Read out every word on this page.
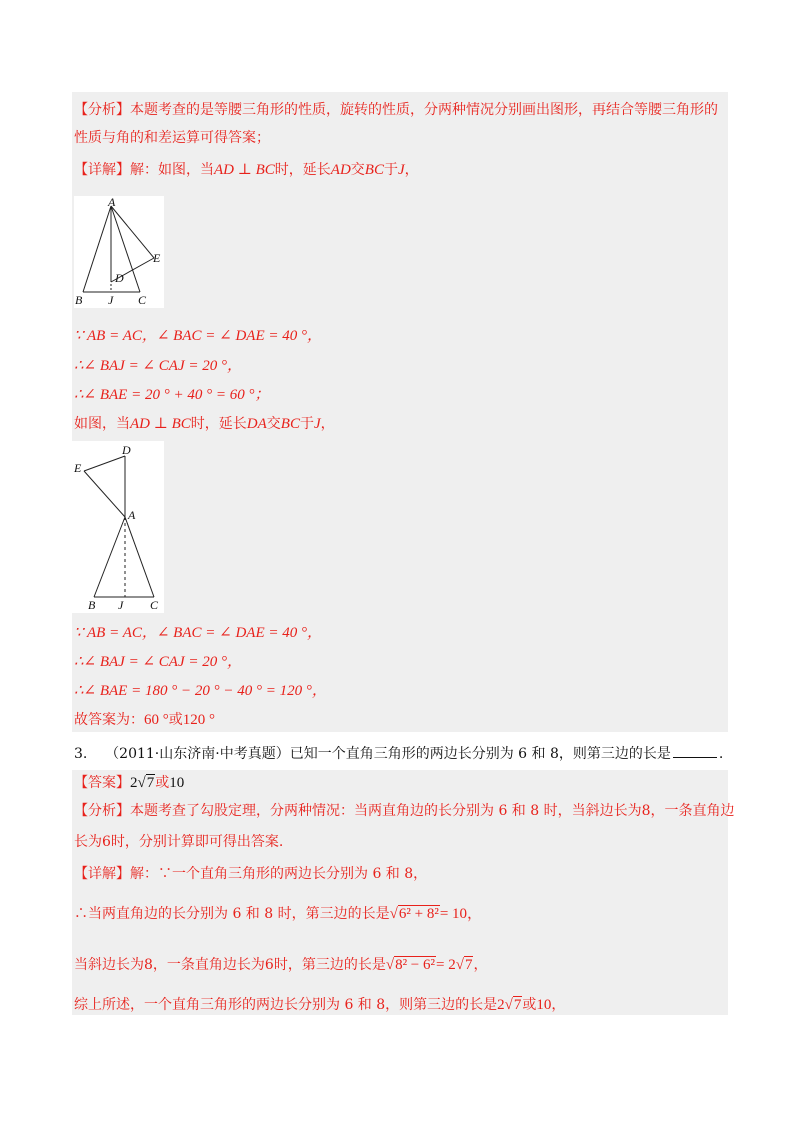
【分析】本题考查的是等腰三角形的性质，旋转的性质，分两种情况分别画出图形，再结合等腰三角形的
性质与角的和差运算可得答案；
【详解】解：如图，当AD ⊥ BC时，延长AD交BC于J，
A
B J C
D
E
∵ AB = AC，∠ BAC = ∠ DAE = 40 °，
∴∠ BAJ = ∠ CAJ = 20 °，
∴∠ BAE = 20 ° + 40 ° = 60 °；
如图，当AD ⊥ BC时，延长DA交BC于J，
D
E
A
B J C
∵ AB = AC，∠ BAC = ∠ DAE = 40 °，
∴∠ BAJ = ∠ CAJ = 20 °，
∴∠ BAE = 180 ° − 20 ° − 40 ° = 120 °，
故答案为：60 °或120 °
3. （2011·山东济南·中考真题）已知一个直角三角形的两边长分别为 6 和 8，则第三边的长是	.
【答案】2√7或10
【分析】本题考查了勾股定理，分两种情况：当两直角边的长分别为 6 和 8 时，当斜边长为8，一条直角边
长为6时，分别计算即可得出答案.
【详解】解：∵一个直角三角形的两边长分别为 6 和 8，
∴当两直角边的长分别为 6 和 8 时，第三边的长是√6² + 8²= 10，
当斜边长为8，一条直角边长为6时，第三边的长是√8² − 6²= 2√7，
综上所述，一个直角三角形的两边长分别为 6 和 8，则第三边的长是2√7或10，
